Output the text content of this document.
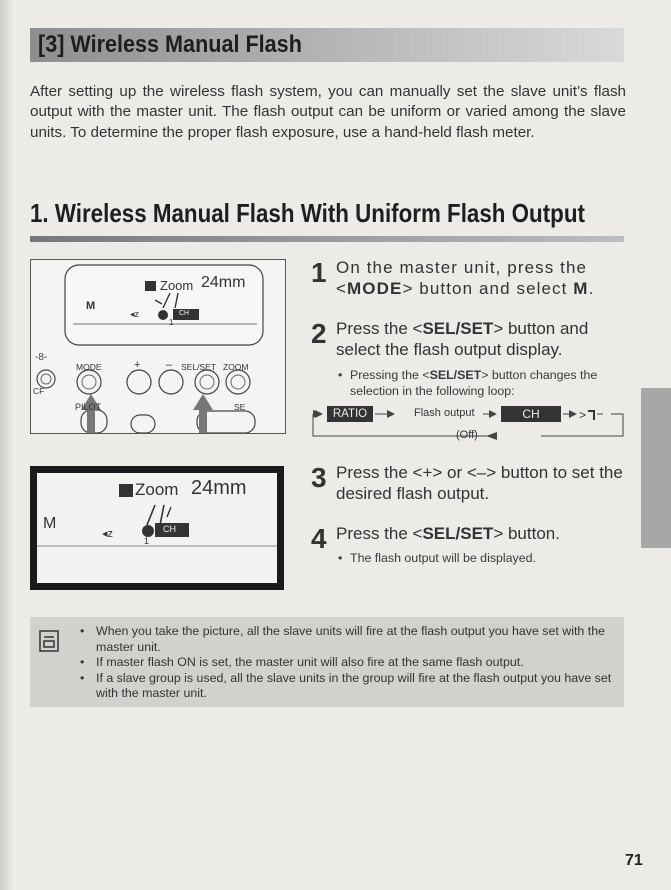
[3] Wireless Manual Flash

After setting up the wireless flash system, you can manually set the slave unit’s flash output with the master unit. The flash output can be uniform or varied among the slave units. To determine the proper flash exposure, use a hand-held flash meter.

1. Wireless Manual Flash With Uniform Flash Output
◂z
-8-
Zoom 24mm
M
CH
1
MODE	+ – SEL/SET ZOOM
CF
PILOT	SE
◂z
Zoom 24mm
M	CH
1
1 On the master unit, press the <MODE> button and select M.

2 Press the <SEL/SET> button and select the flash output display.

• Pressing the <SEL/SET> button changes the selection in the following loop:

>
RATIO	Flash output	CH
(Off)
3 Press the <+> or <–> button to set the desired flash output.

4 Press the <SEL/SET> button.

• The flash output will be displayed.

• When you take the picture, all the slave units will fire at the flash output you have set with the master unit.
• If master flash ON is set, the master unit will also fire at the same flash output.
• If a slave group is used, all the slave units in the group will fire at the flash output you have set with the master unit.
71
